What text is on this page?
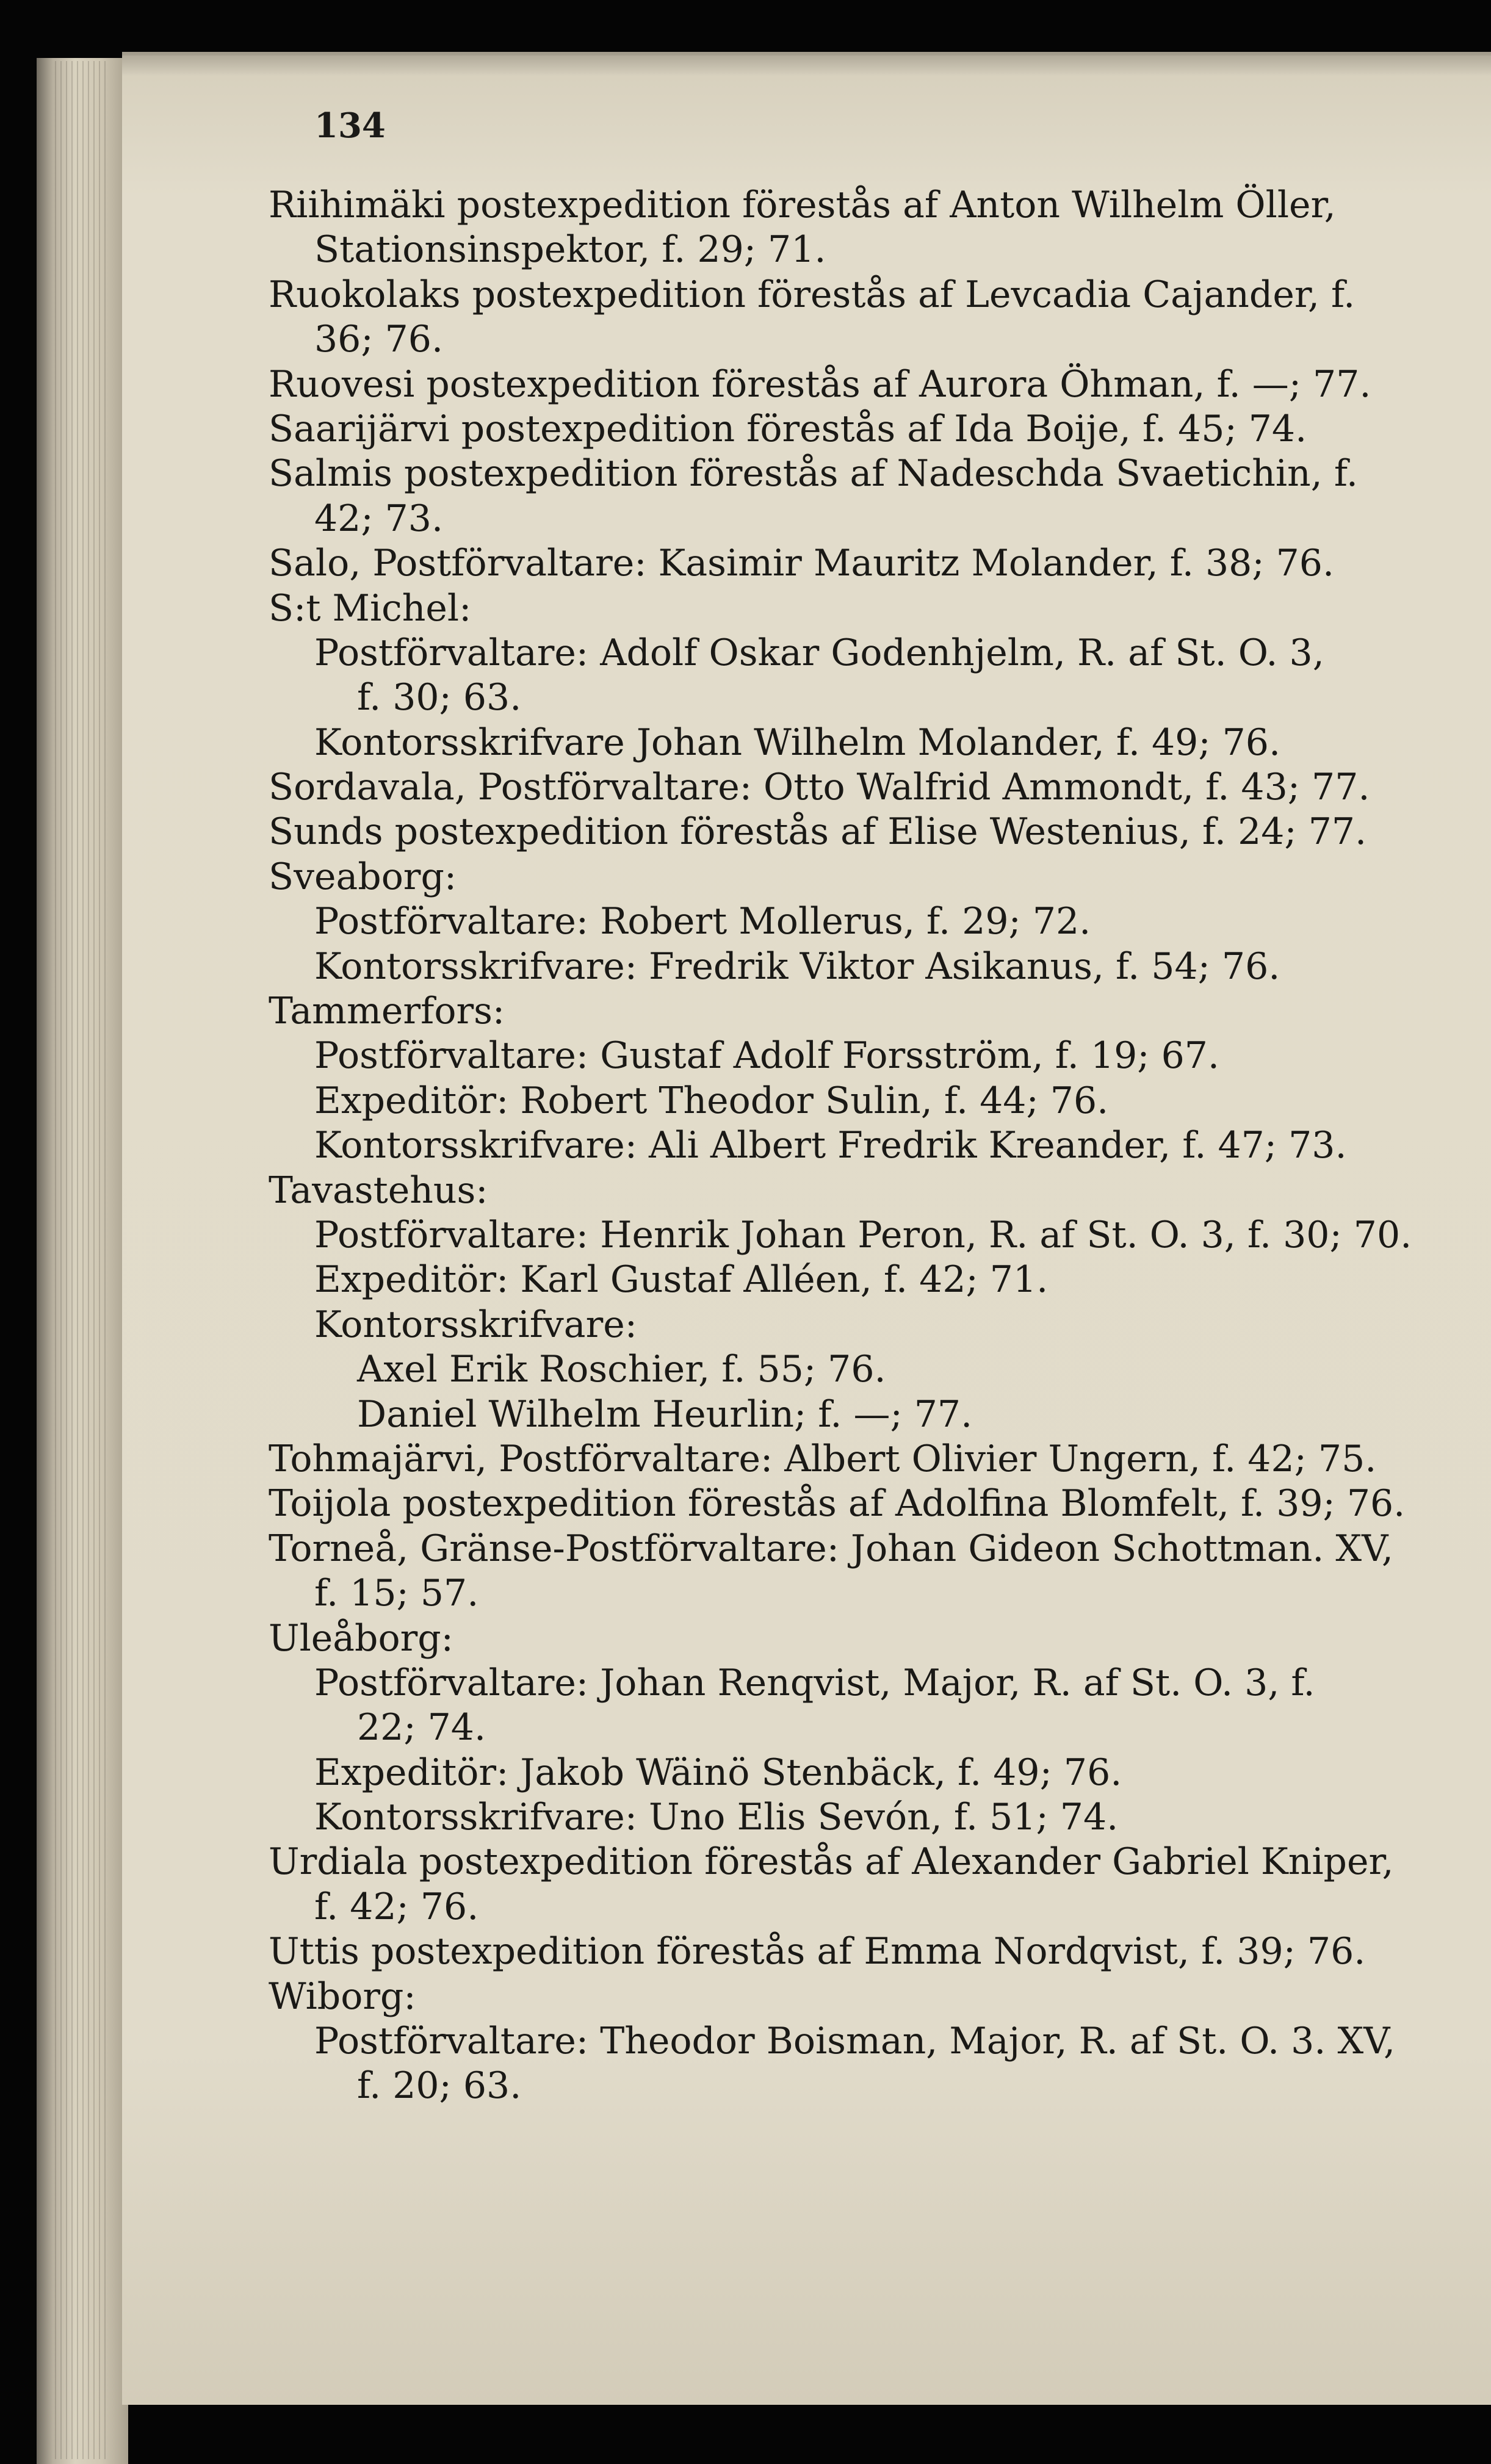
134
Riihimäki postexpedition förestås af Anton Wilhelm Öller,
Stationsinspektor, f. 29; 71.
Ruokolaks postexpedition förestås af Levcadia Cajander, f.
36; 76.
Ruovesi postexpedition förestås af Aurora Öhman, f. —; 77.
Saarijärvi postexpedition förestås af Ida Boije, f. 45; 74.
Salmis postexpedition förestås af Nadeschda Svaetichin, f.
42; 73.
Salo, Postförvaltare: Kasimir Mauritz Molander, f. 38; 76.
S:t Michel:
Postförvaltare: Adolf Oskar Godenhjelm, R. af St. O. 3,
f. 30; 63.
Kontorsskrifvare Johan Wilhelm Molander, f. 49; 76.
Sordavala, Postförvaltare: Otto Walfrid Ammondt, f. 43; 77.
Sunds postexpedition förestås af Elise Westenius, f. 24; 77.
Sveaborg:
Postförvaltare: Robert Mollerus, f. 29; 72.
Kontorsskrifvare: Fredrik Viktor Asikanus, f. 54; 76.
Tammerfors:
Postförvaltare: Gustaf Adolf Forsström, f. 19; 67.
Expeditör: Robert Theodor Sulin, f. 44; 76.
Kontorsskrifvare: Ali Albert Fredrik Kreander, f. 47; 73.
Tavastehus:
Postförvaltare: Henrik Johan Peron, R. af St. O. 3, f. 30; 70.
Expeditör: Karl Gustaf Alléen, f. 42; 71.
Kontorsskrifvare:
Axel Erik Roschier, f. 55; 76.
Daniel Wilhelm Heurlin; f. —; 77.
Tohmajärvi, Postförvaltare: Albert Olivier Ungern, f. 42; 75.
Toijola postexpedition förestås af Adolfina Blomfelt, f. 39; 76.
Torneå, Gränse-Postförvaltare: Johan Gideon Schottman. XV,
f. 15; 57.
Uleåborg:
Postförvaltare: Johan Renqvist, Major, R. af St. O. 3, f.
22; 74.
Expeditör: Jakob Wäinö Stenbäck, f. 49; 76.
Kontorsskrifvare: Uno Elis Sevón, f. 51; 74.
Urdiala postexpedition förestås af Alexander Gabriel Kniper,
f. 42; 76.
Uttis postexpedition förestås af Emma Nordqvist, f. 39; 76.
Wiborg:
Postförvaltare: Theodor Boisman, Major, R. af St. O. 3. XV,
f. 20; 63.
